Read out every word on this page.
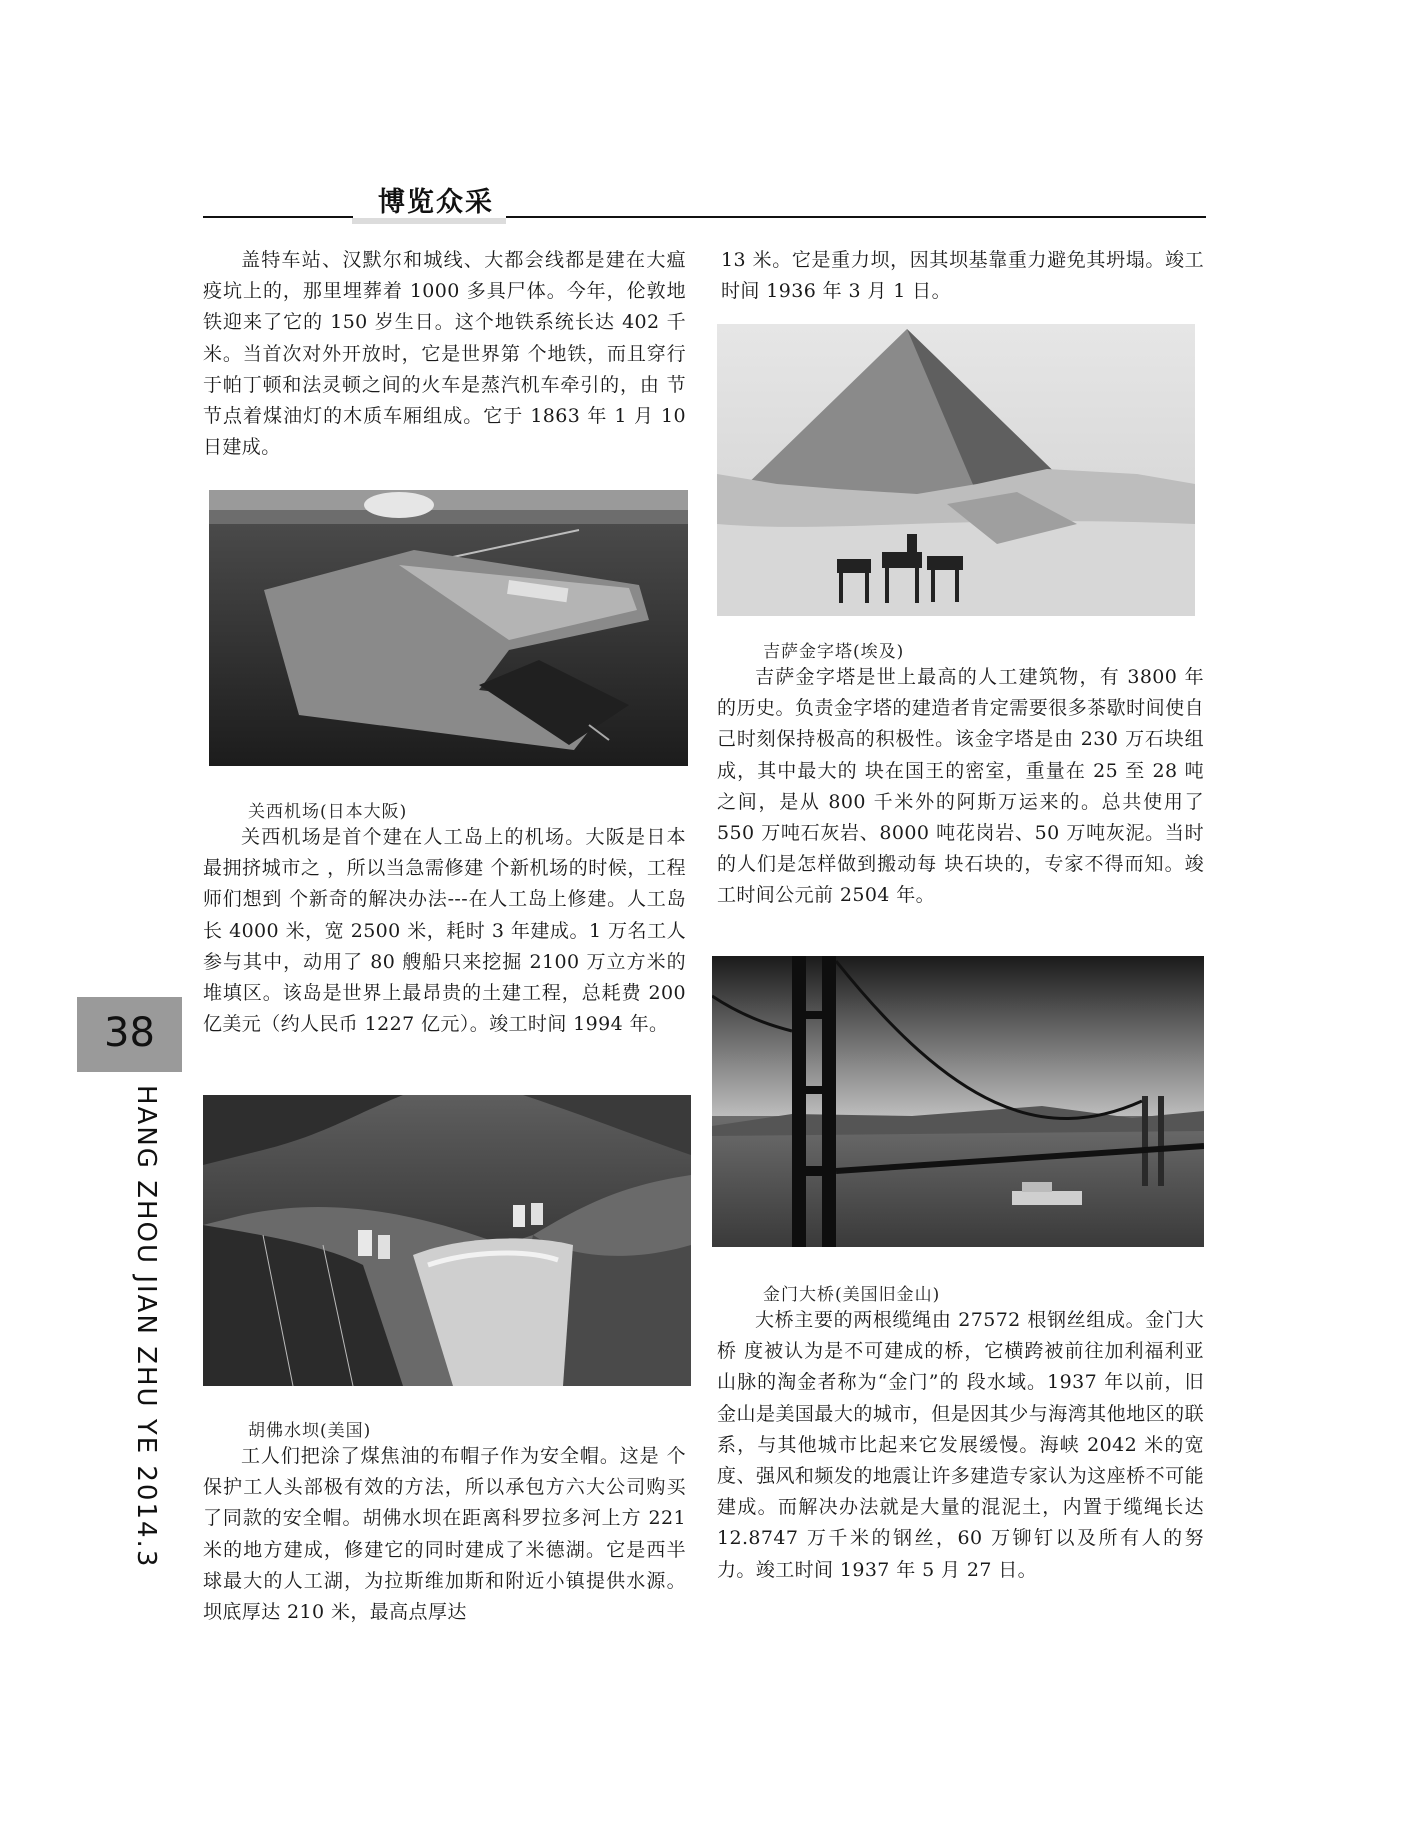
博览众采

盖特车站、汉默尔和城线、大都会线都是建在大瘟疫坑上的，那里埋葬着 1000 多具尸体。今年，伦敦地铁迎来了它的 150 岁生日。这个地铁系统长达 402 千米。当首次对外开放时，它是世界第 个地铁，而且穿行于帕丁顿和法灵顿之间的火车是蒸汽机车牵引的，由 节节点着煤油灯的木质车厢组成。它于 1863 年 1 月 10 日建成。

关西机场(日本大阪)

关西机场是首个建在人工岛上的机场。大阪是日本最拥挤城市之 ，所以当急需修建 个新机场的时候，工程师们想到 个新奇的解决办法---在人工岛上修建。人工岛长 4000 米，宽 2500 米，耗时 3 年建成。1 万名工人参与其中，动用了 80 艘船只来挖掘 2100 万立方米的堆填区。该岛是世界上最昂贵的土建工程，总耗费 200 亿美元（约人民币 1227 亿元）。竣工时间 1994 年。

胡佛水坝(美国)

工人们把涂了煤焦油的布帽子作为安全帽。这是 个保护工人头部极有效的方法，所以承包方六大公司购买了同款的安全帽。胡佛水坝在距离科罗拉多河上方 221 米的地方建成，修建它的同时建成了米德湖。它是西半球最大的人工湖，为拉斯维加斯和附近小镇提供水源。坝底厚达 210 米，最高点厚达

13 米。它是重力坝，因其坝基靠重力避免其坍塌。竣工时间 1936 年 3 月 1 日。

吉萨金字塔(埃及)

吉萨金字塔是世上最高的人工建筑物，有 3800 年的历史。负责金字塔的建造者肯定需要很多茶歇时间使自己时刻保持极高的积极性。该金字塔是由 230 万石块组成，其中最大的 块在国王的密室，重量在 25 至 28 吨之间，是从 800 千米外的阿斯万运来的。总共使用了 550 万吨石灰岩、8000 吨花岗岩、50 万吨灰泥。当时的人们是怎样做到搬动每 块石块的，专家不得而知。竣工时间公元前 2504 年。

金门大桥(美国旧金山)

大桥主要的两根缆绳由 27572 根钢丝组成。金门大桥 度被认为是不可建成的桥，它横跨被前往加利福利亚山脉的淘金者称为“金门”的 段水域。1937 年以前，旧金山是美国最大的城市，但是因其少与海湾其他地区的联系，与其他城市比起来它发展缓慢。海峡 2042 米的宽度、强风和频发的地震让许多建造专家认为这座桥不可能建成。而解决办法就是大量的混泥土，内置于缆绳长达 12.8747 万千米的钢丝，60 万铆钉以及所有人的努力。竣工时间 1937 年 5 月 27 日。

38
HANG ZHOU JIAN ZHU YE 2014.3
